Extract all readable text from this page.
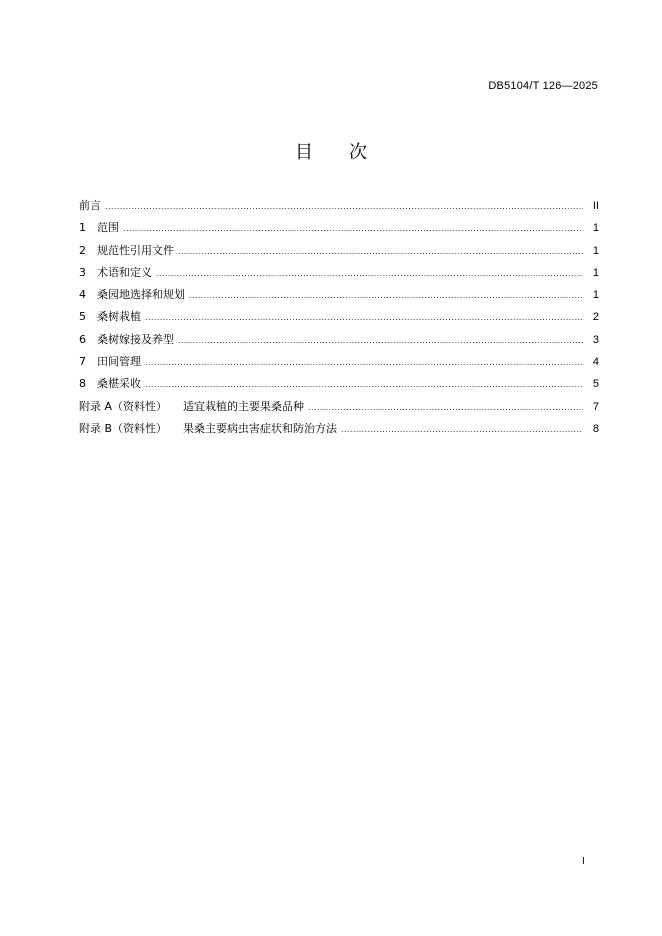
DB5104/T 126—2025
目 次
前言 .....	II
1	范围 .....	1
2	规范性引用文件 .....	1
3	术语和定义 .....	1
4	桑园地选择和规划 .....	1
5	桑树栽植 .....	2
6	桑树嫁接及养型 .....	3
7	田间管理 .....	4
8	桑椹采收 .....	5
附录 A（资料性） 适宜栽植的主要果桑品种 .....	7
附录 B（资料性） 果桑主要病虫害症状和防治方法 .....	8
I
